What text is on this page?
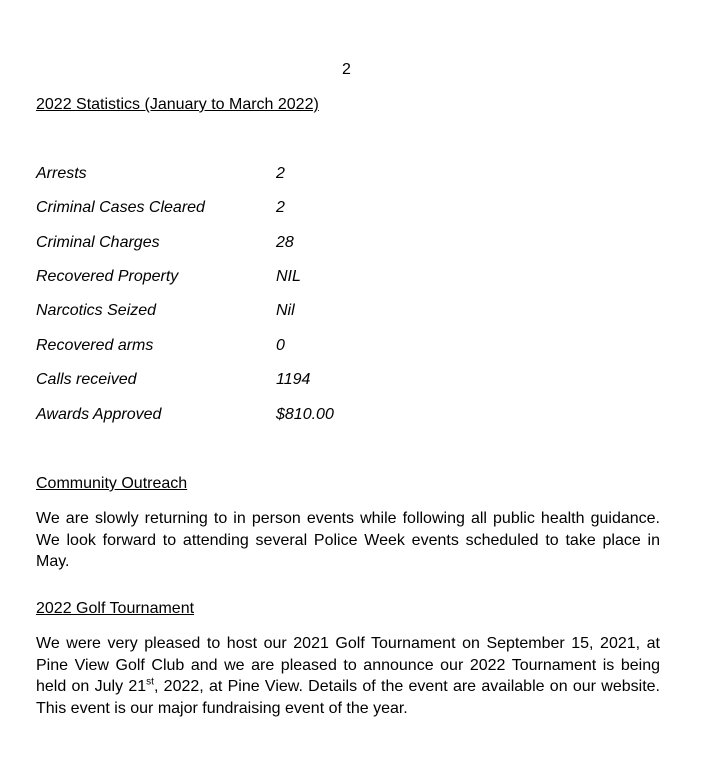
2
2022 Statistics (January to March 2022)
Arrests	2
Criminal Cases Cleared	2
Criminal Charges	28
Recovered Property	NIL
Narcotics Seized	Nil
Recovered arms	0
Calls received	1194
Awards Approved	$810.00
Community Outreach

We are slowly returning to in person events while following all public health guidance. We look forward to attending several Police Week events scheduled to take place in May.

2022 Golf Tournament

We were very pleased to host our 2021 Golf Tournament on September 15, 2021, at Pine View Golf Club and we are pleased to announce our 2022 Tournament is being held on July 21st, 2022, at Pine View. Details of the event are available on our website. This event is our major fundraising event of the year.
